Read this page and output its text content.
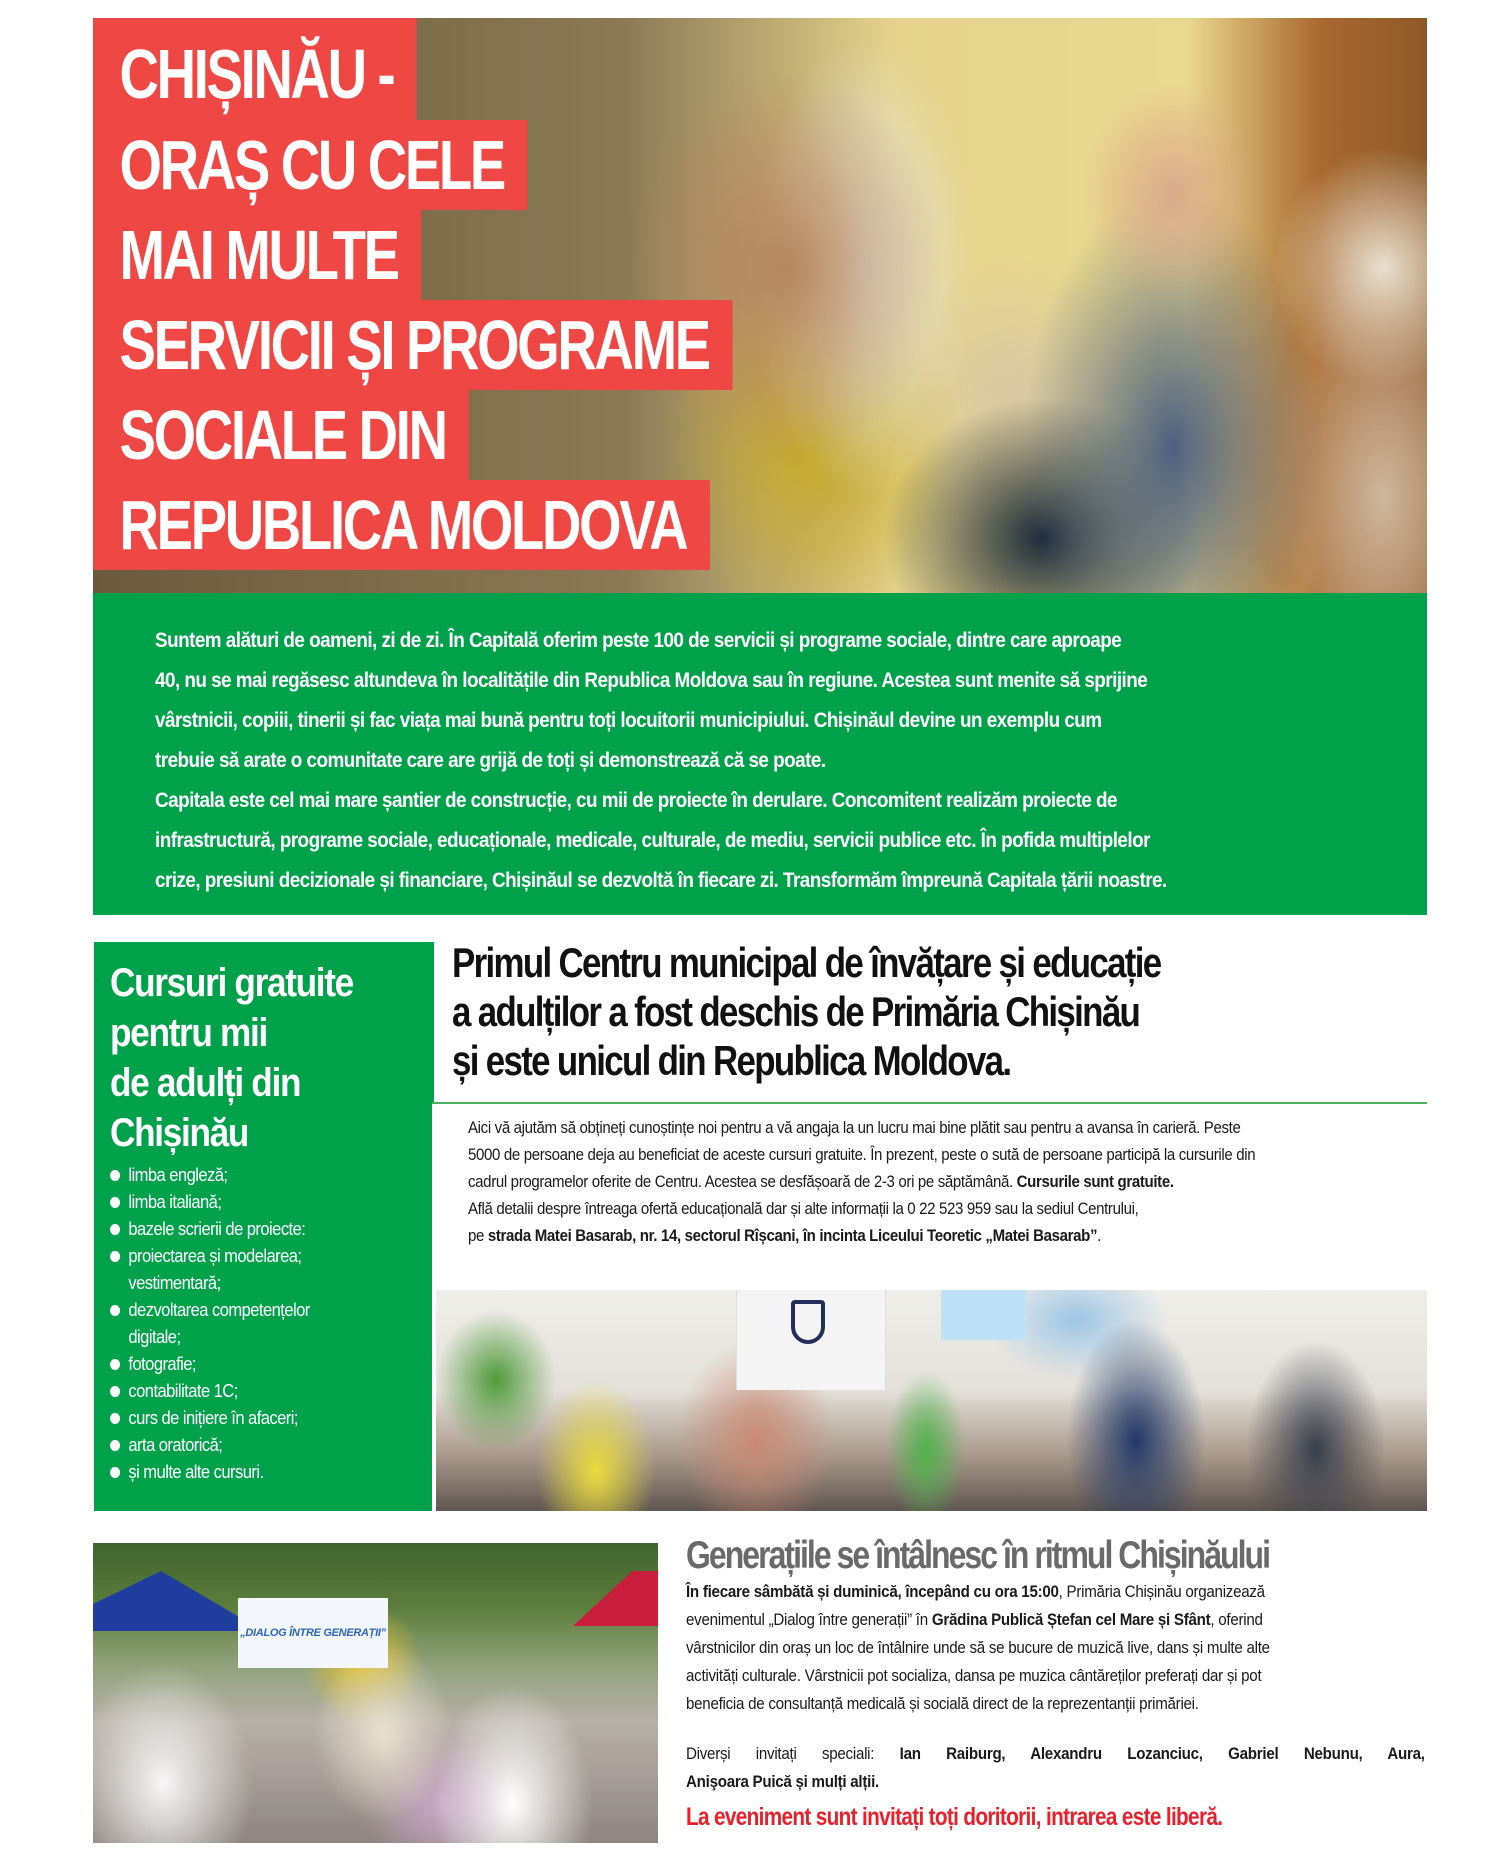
CHIȘINĂU -
ORAȘ CU CELE
MAI MULTE
SERVICII ȘI PROGRAME
SOCIALE DIN
REPUBLICA MOLDOVA

Suntem alături de oameni, zi de zi. În Capitală oferim peste 100 de servicii și programe sociale, dintre care aproape
40, nu se mai regăsesc altundeva în localitățile din Republica Moldova sau în regiune. Acestea sunt menite să sprijine
vârstnicii, copiii, tinerii și fac viața mai bună pentru toți locuitorii municipiului. Chișinăul devine un exemplu cum
trebuie să arate o comunitate care are grijă de toți și demonstrează că se poate.
Capitala este cel mai mare șantier de construcție, cu mii de proiecte în derulare. Concomitent realizăm proiecte de
infrastructură, programe sociale, educaționale, medicale, culturale, de mediu, servicii publice etc. În pofida multiplelor
crize, presiuni decizionale și financiare, Chișinăul se dezvoltă în fiecare zi. Transformăm împreună Capitala țării noastre.

Cursuri gratuite
pentru mii
de adulți din
Chișinău
limba engleză;
limba italiană;
bazele scrierii de proiecte:
proiectarea și modelarea; vestimentară;
dezvoltarea competențelor digitale;
fotografie;
contabilitate 1C;
curs de inițiere în afaceri;
arta oratorică;
și multe alte cursuri.
Primul Centru municipal de învățare și educație
a adulților a fost deschis de Primăria Chișinău
și este unicul din Republica Moldova.
Aici vă ajutăm să obțineți cunoștințe noi pentru a vă angaja la un lucru mai bine plătit sau pentru a avansa în carieră. Peste
5000 de persoane deja au beneficiat de aceste cursuri gratuite. În prezent, peste o sută de persoane participă la cursurile din
cadrul programelor oferite de Centru. Acestea se desfășoară de 2-3 ori pe săptămână. Cursurile sunt gratuite.
Află detalii despre întreaga ofertă educațională dar și alte informații la 0 22 523 959 sau la sediul Centrului,
pe strada Matei Basarab, nr. 14, sectorul Rîșcani, în incinta Liceului Teoretic „Matei Basarab”.
„DIALOG ÎNTRE GENERAȚII”
Generațiile se întâlnesc în ritmul Chișinăului
În fiecare sâmbătă și duminică, începând cu ora 15:00, Primăria Chișinău organizează
evenimentul „Dialog între generații” în Grădina Publică Ștefan cel Mare și Sfânt, oferind
vârstnicilor din oraș un loc de întâlnire unde să se bucure de muzică live, dans și multe alte
activități culturale. Vârstnicii pot socializa, dansa pe muzica cântăreților preferați dar și pot
beneficia de consultanță medicală și socială direct de la reprezentanții primăriei.
Diverși invitați speciali: Ian Raiburg, Alexandru Lozanciuc, Gabriel Nebunu, Aura,
Anişoara Puică și mulți alții.
La eveniment sunt invitați toți doritorii, intrarea este liberă.
